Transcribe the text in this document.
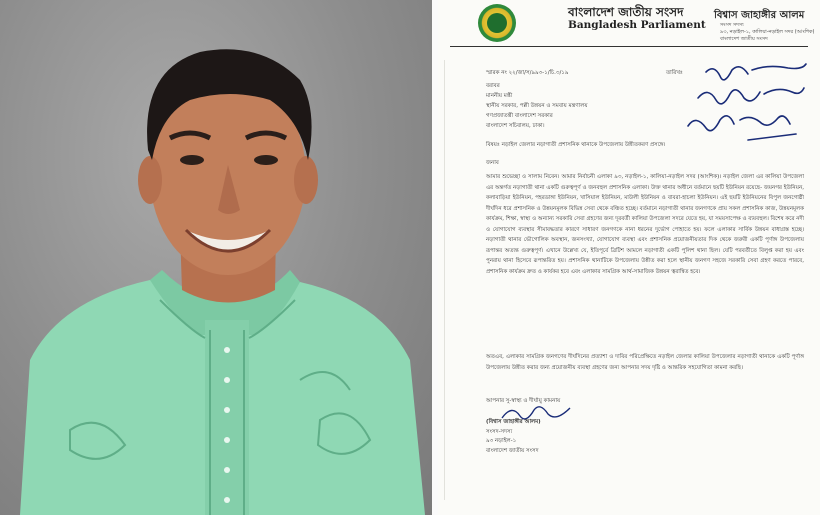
বাংলাদেশ জাতীয় সংসদ
Bangladesh Parliament
বিশ্বাস জাহাঙ্গীর আলম
সংসদ সদস্য
৯৩, নড়াইল-১, কালিয়া-নড়াইল সদর (আংশিক)
বাংলাদেশ জাতীয় সংসদ
স্মারক নং ২২/জা/স/৯৯৩-১/চি.৩/১৯	তারিখঃ
বরাবর
মাননীয় মন্ত্রী
স্থানীয় সরকার, পল্লী উন্নয়ন ও সমবায় মন্ত্রণালয়
গণপ্রজাতন্ত্রী বাংলাদেশ সরকার
বাংলাদেশ সচিবালয়, ঢাকা।
বিষয়ঃ নড়াইল জেলার নড়াগাতী প্রশাসনিক থানাকে উপজেলায় উন্নীতকরণ প্রসঙ্গে।
জনাব
আমার শুভেচ্ছা ও সালাম নিবেন। আমার নির্বাচনী এলাকা ৯৩, নড়াইল-১, কালিয়া-নড়াইল সদর (আংশিক)। নড়াইল জেলা এর কালিয়া উপজেলা এর অন্তর্গত নড়াগাতী থানা একটি গুরুত্বপূর্ণ ও জনবহুল প্রশাসনিক এলাকা। উক্ত থানার অধীনে বর্তমানে ছয়টি ইউনিয়ন রয়েছে- জয়নগর ইউনিয়ন, কলাবাড়িয়া ইউনিয়ন, পহরডাঙ্গা ইউনিয়ন, খাসিয়াল ইউনিয়ন, মাউলী ইউনিয়ন ও বাবরা-হাচলা ইউনিয়ন। এই ছয়টি ইউনিয়নের বিপুল জনগোষ্ঠী দীর্ঘদিন ধরে প্রশাসনিক ও উন্নয়নমূলক বিভিন্ন সেবা থেকে বঞ্চিত হচ্ছে। বর্তমানে নড়াগাতী থানার জনগণকে প্রায় সকল প্রশাসনিক কাজ, উন্নয়নমূলক কার্যক্রম, শিক্ষা, স্বাস্থ্য ও অন্যান্য সরকারি সেবা গ্রহণের জন্য দূরবর্তী কালিয়া উপজেলা সদরে যেতে হয়, যা সময়সাপেক্ষ ও ব্যয়বহুল। বিশেষ করে নদী ও যোগাযোগ ব্যবস্থার সীমাবদ্ধতার কারণে সাধারণ জনগণকে নানা ধরনের দুর্ভোগ পোহাতে হয়। ফলে এলাকার সার্বিক উন্নয়ন বাধাগ্রস্ত হচ্ছে। নড়াগাতী থানার ভৌগোলিক অবস্থান, জনসংখ্যা, যোগাযোগ ব্যবস্থা এবং প্রশাসনিক প্রয়োজনীয়তার দিক থেকে জরুরী একটি পূর্ণাঙ্গ উপজেলায় রূপান্তর অত্যন্ত গুরুত্বপূর্ণ। এখানে উল্লেখ্য যে, ইতিপূর্বে ব্রিটিশ আমলে নড়াগাতী একটি পুলিশ থানা ছিল। যেটি পরবর্তীতে বিলুপ্ত করা হয় এবং পুনরায় থানা হিসেবে রূপান্তরিত হয়। প্রশাসনিক থানাটিকে উপজেলায় উন্নীত করা হলে স্থানীয় জনগণ সহজে সরকারি সেবা গ্রহণ করতে পারবে, প্রশাসনিক কার্যক্রম দ্রুত ও কার্যকর হবে এবং এলাকার সামগ্রিক আর্থ-সামাজিক উন্নয়ন ত্বরান্বিত হবে।
অতএব, এলাকার সামগ্রিক জনগণের দীর্ঘদিনের প্রত্যাশা ও দাবির পরিপ্রেক্ষিতে নড়াইল জেলার কালিয়া উপজেলার নড়াগাতী থানাকে একটি পূর্ণাঙ্গ উপজেলায় উন্নীত করার জন্য প্রয়োজনীয় ব্যবস্থা গ্রহণের জন্য আপনার সদয় দৃষ্টি ও আন্তরিক সহযোগিতা কামনা করছি।
আপনার সু-স্বাস্থ্য ও দীর্ঘায়ু কামনায়
(বিশ্বাস জাহাঙ্গীর আলম)
সংসদ-সদস্য
৯৩ নড়াইল-১
বাংলাদেশ জাতীয় সংসদ
